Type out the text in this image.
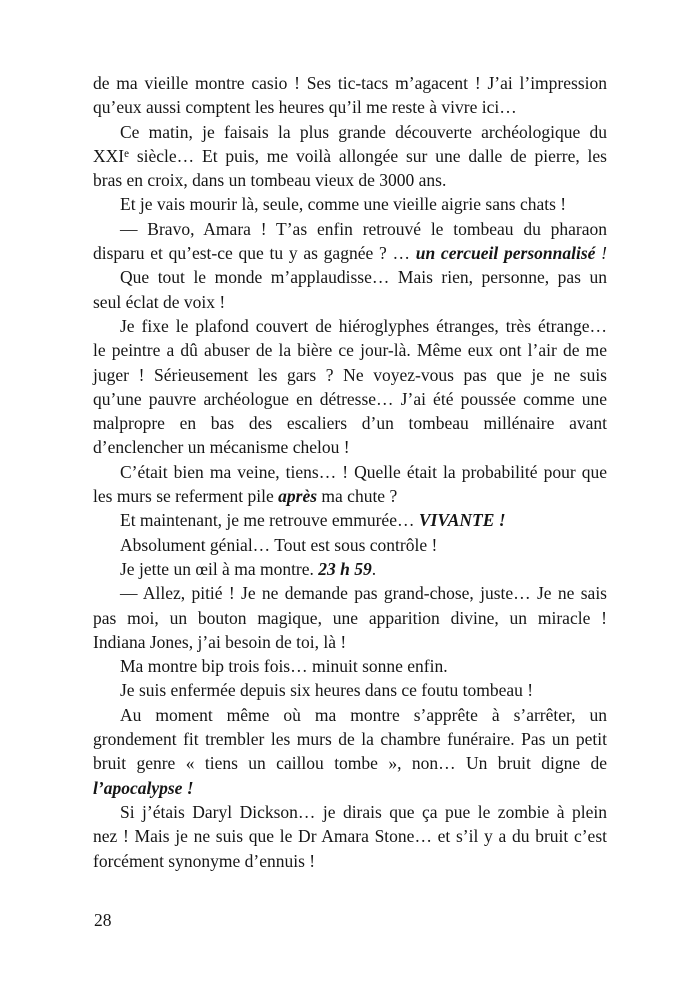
de ma vieille montre casio ! Ses tic-tacs m’agacent ! J’ai l’impression
qu’eux aussi comptent les heures qu’il me reste à vivre ici…
Ce matin, je faisais la plus grande découverte archéologique du
XXIe siècle… Et puis, me voilà allongée sur une dalle de pierre, les
bras en croix, dans un tombeau vieux de 3000 ans.
Et je vais mourir là, seule, comme une vieille aigrie sans chats !
— Bravo, Amara ! T’as enfin retrouvé le tombeau du pharaon
disparu et qu’est-ce que tu y as gagnée ? … un cercueil personnalisé !
Que tout le monde m’applaudisse… Mais rien, personne, pas un
seul éclat de voix !
Je fixe le plafond couvert de hiéroglyphes étranges, très étrange…
le peintre a dû abuser de la bière ce jour-là. Même eux ont l’air de me
juger ! Sérieusement les gars ? Ne voyez-vous pas que je ne suis
qu’une pauvre archéologue en détresse… J’ai été poussée comme une
malpropre en bas des escaliers d’un tombeau millénaire avant
d’enclencher un mécanisme chelou !
C’était bien ma veine, tiens… ! Quelle était la probabilité pour que
les murs se referment pile après ma chute ?
Et maintenant, je me retrouve emmurée… VIVANTE !
Absolument génial… Tout est sous contrôle !
Je jette un œil à ma montre. 23 h 59.
— Allez, pitié ! Je ne demande pas grand-chose, juste… Je ne sais
pas moi, un bouton magique, une apparition divine, un miracle !
Indiana Jones, j’ai besoin de toi, là !
Ma montre bip trois fois… minuit sonne enfin.
Je suis enfermée depuis six heures dans ce foutu tombeau !
Au moment même où ma montre s’apprête à s’arrêter, un
grondement fit trembler les murs de la chambre funéraire. Pas un petit
bruit genre « tiens un caillou tombe », non… Un bruit digne de
l’apocalypse !
Si j’étais Daryl Dickson… je dirais que ça pue le zombie à plein
nez ! Mais je ne suis que le Dr Amara Stone… et s’il y a du bruit c’est
forcément synonyme d’ennuis !
28
